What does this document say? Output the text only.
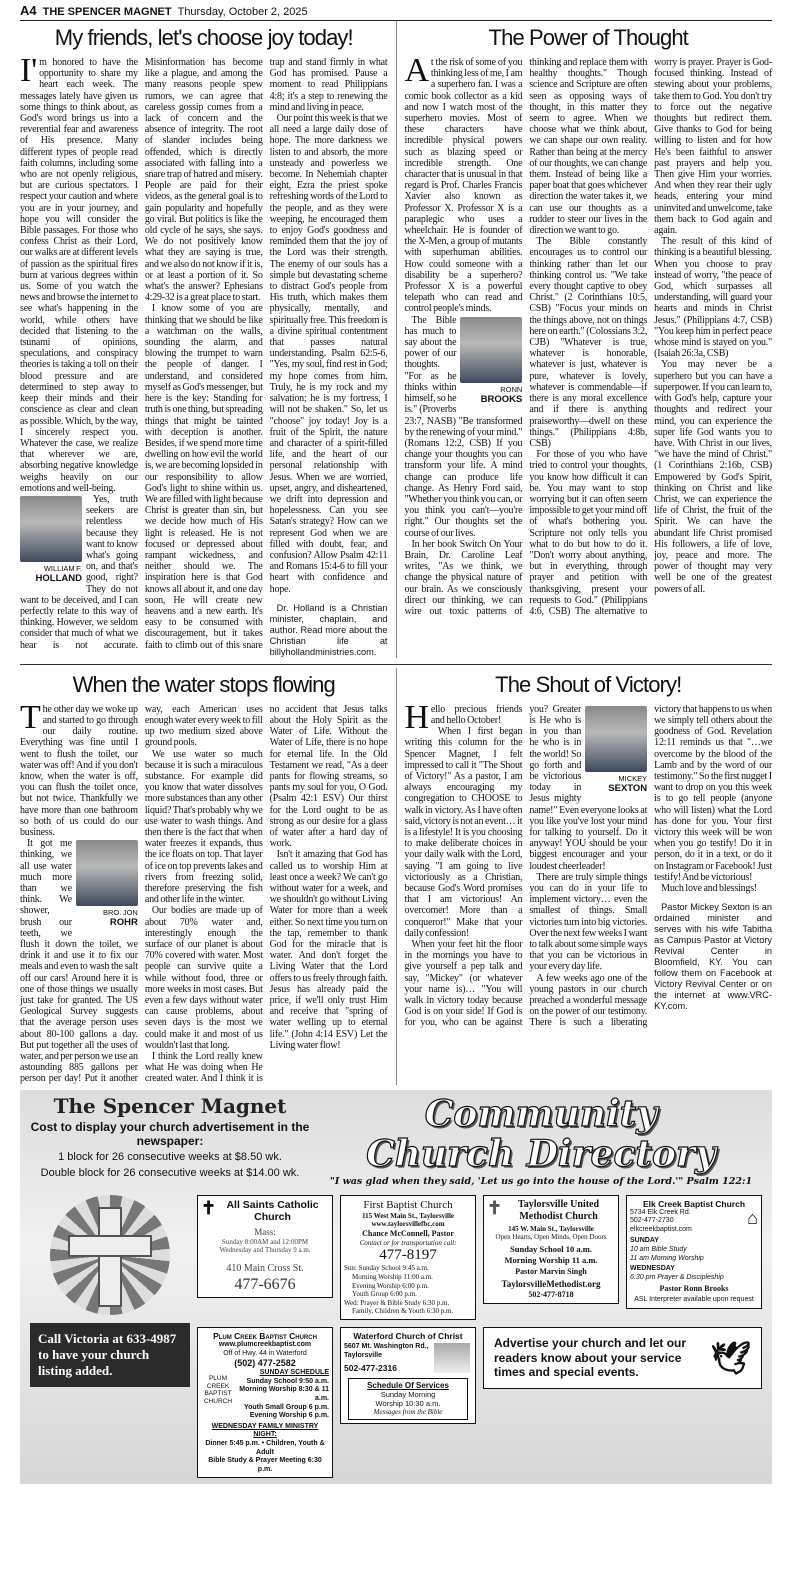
A4 THE SPENCER MAGNET Thursday, October 2, 2025
My friends, let's choose joy today!

I'm honored to have the opportunity to share my heart each week. The messages lately have given us some things to think about, as God's word brings us into a reverential fear and awareness of His presence. Many different types of people read faith columns, including some who are not openly religious, but are curious spectators. I respect your caution and where you are in your journey, and hope you will consider the Bible passages. For those who confess Christ as their Lord, our walks are at different levels of passion as the spiritual fires burn at various degrees within us. Some of you watch the news and browse the internet to see what's happening in the world, while others have decided that listening to the tsunami of opinions, speculations, and conspiracy theories is taking a toll on their blood pressure and are determined to step away to keep their minds and their conscience as clear and clean as possible. Which, by the way, I sincerely respect you. Whatever the case, we realize that wherever we are, absorbing negative knowledge weighs heavily on our emotions and well-being.

WILLIAM F.
HOLLAND

Yes, truth seekers are relentless because they want to know what's going on, and that's good, right? They do not want to be deceived, and I can perfectly relate to this way of thinking. However, we seldom consider that much of what we hear is not accurate. Misinformation has become like a plague, and among the many reasons people spew rumors, we can agree that careless gossip comes from a lack of concern and the absence of integrity. The root of slander includes being offended, which is directly associated with falling into a snare trap of hatred and misery. People are paid for their videos, as the general goal is to gain popularity and hopefully go viral. But politics is like the old cycle of he says, she says. We do not positively know what they are saying is true, and we also do not know if it is, or at least a portion of it. So what's the answer? Ephesians 4:29-32 is a great place to start.

I know some of you are thinking that we should be like a watchman on the walls, sounding the alarm, and blowing the trumpet to warn the people of danger. I understand, and considered myself as God's messenger, but here is the key: Standing for truth is one thing, but spreading things that might be tainted with deception is another. Besides, if we spend more time dwelling on how evil the world is, we are becoming lopsided in our responsibility to allow God's light to shine within us. We are filled with light because Christ is greater than sin, but we decide how much of His light is released. He is not focused or depressed about rampant wickedness, and neither should we. The inspiration here is that God knows all about it, and one day soon, He will create new heavens and a new earth. It's easy to be consumed with discouragement, but it takes faith to climb out of this snare trap and stand firmly in what God has promised. Pause a moment to read Philippians 4:8; it's a step to renewing the mind and living in peace.

Our point this week is that we all need a large daily dose of hope. The more darkness we listen to and absorb, the more unsteady and powerless we become. In Nehemiah chapter eight, Ezra the priest spoke refreshing words of the Lord to the people, and as they were weeping, he encouraged them to enjoy God's goodness and reminded them that the joy of the Lord was their strength. The enemy of our souls has a simple but devastating scheme to distract God's people from His truth, which makes them physically, mentally, and spiritually free. This freedom is a divine spiritual contentment that passes natural understanding. Psalm 62:5-6, "Yes, my soul, find rest in God; my hope comes from him. Truly, he is my rock and my salvation; he is my fortress, I will not be shaken." So, let us "choose" joy today! Joy is a fruit of the Spirit, the nature and character of a spirit-filled life, and the heart of our personal relationship with Jesus. When we are worried, upset, angry, and disheartened, we drift into depression and hopelessness. Can you see Satan's strategy? How can we represent God when we are filled with doubt, fear, and confusion? Allow Psalm 42:11 and Romans 15:4-6 to fill your heart with confidence and hope.

Dr. Holland is a Christian minister, chaplain, and author. Read more about the Christian life at billyhollandministries.com.

The Power of Thought

At the risk of some of you thinking less of me, I am a superhero fan. I was a comic book collector as a kid and now I watch most of the superhero movies. Most of these characters have incredible physical powers such as blazing speed or incredible strength. One character that is unusual in that regard is Prof. Charles Francis Xavier also known as Professor X. Professor X is a paraplegic who uses a wheelchair. He is founder of the X-Men, a group of mutants with superhuman abilities. How could someone with a disability be a superhero? Professor X is a powerful telepath who can read and control people's minds.

RONN
BROOKS

The Bible has much to say about the power of our thoughts. "For as he thinks within himself, so he is." (Proverbs 23:7, NASB) "Be transformed by the renewing of your mind." (Romans 12:2, CSB) If you change your thoughts you can transform your life. A mind change can produce life change. As Henry Ford said, "Whether you think you can, or you think you can't—you're right." Our thoughts set the course of our lives.

In her book Switch On Your Brain, Dr. Caroline Leaf writes, "As we think, we change the physical nature of our brain. As we consciously direct our thinking, we can wire out toxic patterns of thinking and replace them with healthy thoughts." Though science and Scripture are often seen as opposing ways of thought, in this matter they seem to agree. When we choose what we think about, we can shape our own reality. Rather than being at the mercy of our thoughts, we can change them. Instead of being like a paper boat that goes whichever direction the water takes it, we can use our thoughts as a rudder to steer our lives in the direction we want to go.

The Bible constantly encourages us to control our thinking rather than let our thinking control us. "We take every thought captive to obey Christ." (2 Corinthians 10:5, CSB) "Focus your minds on the things above, not on things here on earth." (Colossians 3:2, CJB) "Whatever is true, whatever is honorable, whatever is just, whatever is pure, whatever is lovely, whatever is commendable—if there is any moral excellence and if there is anything praiseworthy—dwell on these things." (Philippians 4:8b, CSB)

For those of you who have tried to control your thoughts, you know how difficult it can be. You may want to stop worrying but it can often seem impossible to get your mind off of what's bothering you. Scripture not only tells you what to do but how to do it. "Don't worry about anything, but in everything, through prayer and petition with thanksgiving, present your requests to God." (Philippians 4:6, CSB) The alternative to worry is prayer. Prayer is God-focused thinking. Instead of stewing about your problems, take them to God. You don't try to force out the negative thoughts but redirect them. Give thanks to God for being willing to listen and for how He's been faithful to answer past prayers and help you. Then give Him your worries. And when they rear their ugly heads, entering your mind uninvited and unwelcome, take them back to God again and again.

The result of this kind of thinking is a beautiful blessing. When you choose to pray instead of worry, "the peace of God, which surpasses all understanding, will guard your hearts and minds in Christ Jesus." (Philippians 4:7, CSB) "You keep him in perfect peace whose mind is stayed on you." (Isaiah 26:3a, CSB)

You may never be a superhero but you can have a superpower. If you can learn to, with God's help, capture your thoughts and redirect your mind, you can experience the super life God wants you to have. With Christ in our lives, "we have the mind of Christ." (1 Corinthians 2:16b, CSB) Empowered by God's Spirit, thinking on Christ and like Christ, we can experience the life of Christ, the fruit of the Spirit. We can have the abundant life Christ promised His followers, a life of love, joy, peace and more. The power of thought may very well be one of the greatest powers of all.

When the water stops flowing

The other day we woke up and started to go through our daily routine. Everything was fine until I went to flush the toilet, our water was off! And if you don't know, when the water is off, you can flush the toilet once, but not twice. Thankfully we have more than one bathroom so both of us could do our business.

BRO. JON
ROHR

It got me thinking, we all use water much more than we think. We shower, brush our teeth, we flush it down the toilet, we drink it and use it to fix our meals and even to wash the salt off our cars! Around here it is one of those things we usually just take for granted. The US Geological Survey suggests that the average person uses about 80-100 gallons a day. But put together all the uses of water, and per person we use an astounding 885 gallons per person per day! Put it another way, each American uses enough water every week to fill up two medium sized above ground pools.

We use water so much because it is such a miraculous substance. For example did you know that water dissolves more substances than any other liquid? That's probably why we use water to wash things. And then there is the fact that when water freezes it expands, thus the ice floats on top. That layer of ice on top prevents lakes and rivers from freezing solid, therefore preserving the fish and other life in the winter.

Our bodies are made up of about 70% water and, interestingly enough the surface of our planet is about 70% covered with water. Most people can survive quite a while without food, three or more weeks in most cases. But even a few days without water can cause problems, about seven days is the most we could make it and most of us wouldn't last that long.

I think the Lord really knew what He was doing when He created water. And I think it is no accident that Jesus talks about the Holy Spirit as the Water of Life. Without the Water of Life, there is no hope for eternal life. In the Old Testament we read, "As a deer pants for flowing streams, so pants my soul for you, O God. (Psalm 42:1 ESV) Our thirst for the Lord ought to be as strong as our desire for a glass of water after a hard day of work.

Isn't it amazing that God has called us to worship Him at least once a week? We can't go without water for a week, and we shouldn't go without Living Water for more than a week either. So next time you turn on the tap, remember to thank God for the miracle that is water. And don't forget the Living Water that the Lord offers to us freely through faith. Jesus has already paid the price, if we'll only trust Him and receive that "spring of water welling up to eternal life." (John 4:14 ESV) Let the Living water flow!

The Shout of Victory!

Hello precious friends and hello October!

When I first began writing this column for the Spencer Magnet, I felt impressed to call it "The Shout of Victory!" As a pastor, I am always encouraging my congregation to CHOOSE to walk in victory. As I have often said, victory is not an event… it is a lifestyle! It is you choosing to make deliberate choices in your daily walk with the Lord, saying "I am going to live victoriously as a Christian, because God's Word promises that I am victorious! An overcomer! More than a conqueror!" Make that your daily confession!

MICKEY
SEXTON

When your feet hit the floor in the mornings you have to give yourself a pep talk and say, "Mickey" (or whatever your name is)… "You will walk in victory today because God is on your side! If God is for you, who can be against you? Greater is He who is in you than he who is in the world! So go forth and be victorious today in Jesus mighty name!" Even everyone looks at you like you've lost your mind for talking to yourself. Do it anyway! YOU should be your biggest encourager and your loudest cheerleader!

There are truly simple things you can do in your life to implement victory… even the smallest of things. Small victories turn into big victories. Over the next few weeks I want to talk about some simple ways that you can be victorious in your every day life.

A few weeks ago one of the young pastors in our church preached a wonderful message on the power of our testimony. There is such a liberating victory that happens to us when we simply tell others about the goodness of God. Revelation 12:11 reminds us that "…we overcome by the blood of the Lamb and by the word of our testimony." So the first nugget I want to drop on you this week is to go tell people (anyone who will listen) what the Lord has done for you. Your first victory this week will be won when you go testify! Do it in person, do it in a text, or do it on Instagram or Facebook! Just testify! And be victorious!

Much love and blessings!

Pastor Mickey Sexton is an ordained minister and serves with his wife Tabitha as Campus Pastor at Victory Revival Center in Bloomfield, KY. You can follow them on Facebook at Victory Revival Center or on the internet at www.VRC-KY.com.

The Spencer Magnet
Cost to display your church advertisement in the newspaper:
1 block for 26 consecutive weeks at $8.50 wk.
Double block for 26 consecutive weeks at $14.00 wk.
Community
Church Directory
"I was glad when they said, 'Let us go into the house of the Lord.'" Psalm 122:1
Call Victoria at 633-4987 to have your church listing added.
✝ All Saints Catholic Church
Mass:
Sunday 8:00AM and 12:00PM
Wednesday and Thursday 9 a.m.
410 Main Cross St.
477-6676
First Baptist Church
115 West Main St., Taylorsville
www.taylorsvillefbc.com
Chance McConnell, Pastor
Contact or for transportation call:
477-8197
Sun: Sunday School 9:45 a.m.
Morning Worship 11:00 a.m.
Evening Worship 6:00 p.m.
Youth Group 6:00 p.m.
Wed: Prayer & Bible Study 6:30 p.m.
Family, Children & Youth 6:30 p.m.
✝ Taylorsville United Methodist Church
145 W. Main St., Taylorsville
Open Hearts, Open Minds, Open Doors
Sunday School 10 a.m.
Morning Worship 11 a.m.
Pastor Marvin Singh
TaylorsvilleMethodist.org
502-477-8718
Elk Creek Baptist Church
⌂
5734 Elk Creek Rd.
502-477-2730
elkcreekbaptist.com
SUNDAY
10 am Bible Study
11 am Morning Worship
WEDNESDAY
6:30 pm Prayer & Discipleship
Pastor Ronn Brooks
ASL Interpreter available upon request
Plum Creek Baptist Church
www.plumcreekbaptist.com
Off of Hwy. 44 in Waterford
(502) 477-2582
PLUM CREEK BAPTIST CHURCH
SUNDAY SCHEDULE
Sunday School 9:50 a.m.
Morning Worship 8:30 & 11 a.m.
Youth Small Group 6 p.m.
Evening Worship 6 p.m.
WEDNESDAY FAMILY MINISTRY NIGHT:
Dinner 5:45 p.m. • Children, Youth & Adult
Bible Study & Prayer Meeting 6:30 p.m.
Waterford Church of Christ
5607 Mt. Washington Rd.,
Taylorsville
502-477-2316
Schedule Of Services
Sunday Morning
Worship 10:30 a.m.
Messages from the Bible
Advertise your church and let our readers know about your service times and special events.	🕊
